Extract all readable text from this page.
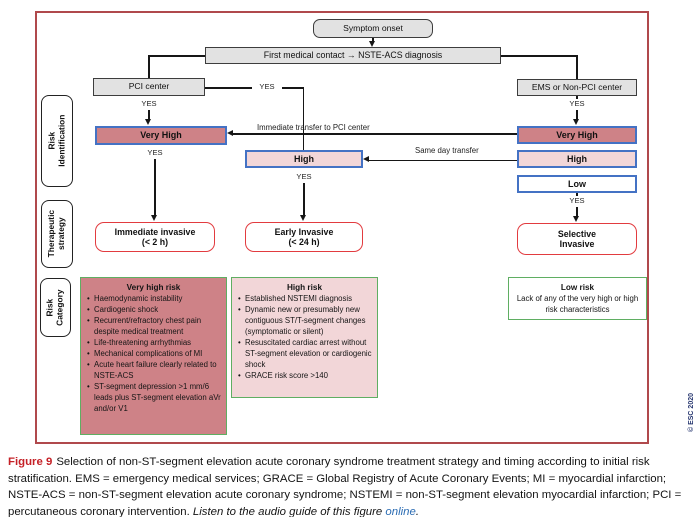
Symptom onset
First medical contact → NSTE-ACS diagnosis
PCI center
YES
Very High
YES
YES
Immediate transfer to PCI center
High
Same day transfer
YES
EMS or Non-PCI center
YES
Very High
High
Low
YES
Immediate invasive
(< 2 h)
Early Invasive
(< 24 h)
Selective
Invasive
Risk Identification
Therapeutic strategy
Risk Category
Very high risk
• Haemodynamic instability
• Cardiogenic shock
• Recurrent/refractory chest pain despite medical treatment
• Life-threatening arrhythmias
• Mechanical complications of MI
• Acute heart failure clearly related to NSTE-ACS
• ST-segment depression >1 mm/6 leads plus ST-segment elevation aVr and/or V1
High risk
• Established NSTEMI diagnosis
• Dynamic new or presumably new contiguous ST/T-segment changes (symptomatic or silent)
• Resuscitated cardiac arrest without ST-segment elevation or cardiogenic shock
• GRACE risk score >140
Low risk
Lack of any of the very high or high risk characteristics
© ESC 2020
Figure 9 Selection of non-ST-segment elevation acute coronary syndrome treatment strategy and timing according to initial risk stratification. EMS = emergency medical services; GRACE = Global Registry of Acute Coronary Events; MI = myocardial infarction; NSTE-ACS = non-ST-segment elevation acute coronary syndrome; NSTEMI = non-ST-segment elevation myocardial infarction; PCI = percutaneous coronary intervention. Listen to the audio guide of this figure online.
